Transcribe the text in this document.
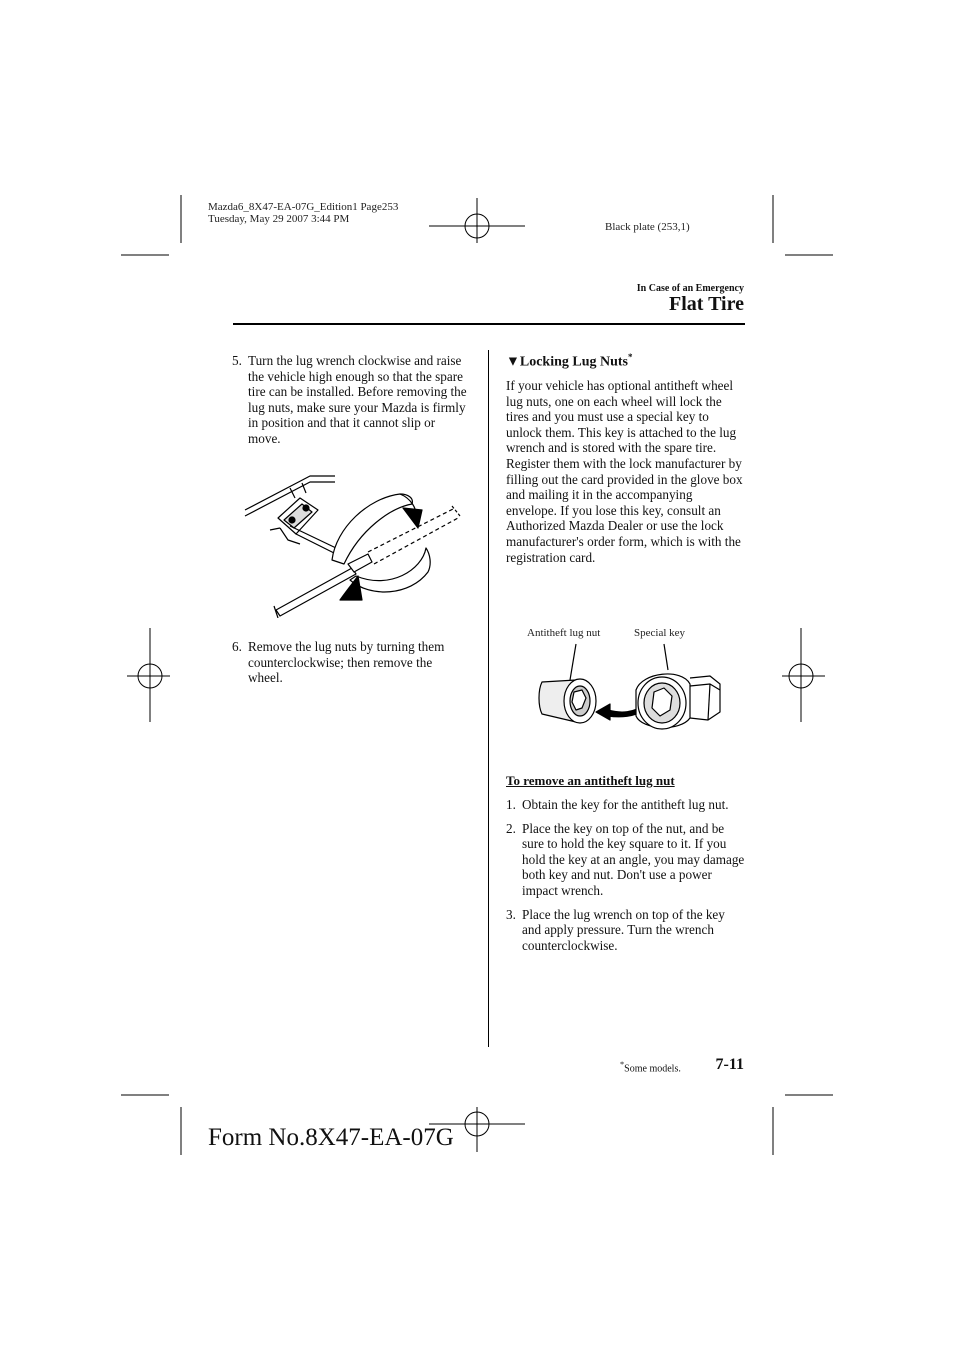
Mazda6_8X47-EA-07G_Edition1 Page253
Tuesday, May 29 2007 3:44 PM
Black plate (253,1)
In Case of an Emergency
Flat Tire
5. Turn the lug wrench clockwise and raise the vehicle high enough so that the spare tire can be installed. Before removing the lug nuts, make sure your Mazda is firmly in position and that it cannot slip or move.
6. Remove the lug nuts by turning them counterclockwise; then remove the wheel.
▼Locking Lug Nuts*
If your vehicle has optional antitheft wheel lug nuts, one on each wheel will lock the tires and you must use a special key to unlock them. This key is attached to the lug wrench and is stored with the spare tire. Register them with the lock manufacturer by filling out the card provided in the glove box and mailing it in the accompanying envelope. If you lose this key, consult an Authorized Mazda Dealer or use the lock manufacturer's order form, which is with the registration card.
Antitheft lug nut	Special key
To remove an antitheft lug nut
1. Obtain the key for the antitheft lug nut.
2. Place the key on top of the nut, and be sure to hold the key square to it. If you hold the key at an angle, you may damage both key and nut. Don't use a power impact wrench.
3. Place the lug wrench on top of the key and apply pressure. Turn the wrench counterclockwise.
*Some models.	7-11
Form No.8X47-EA-07G
